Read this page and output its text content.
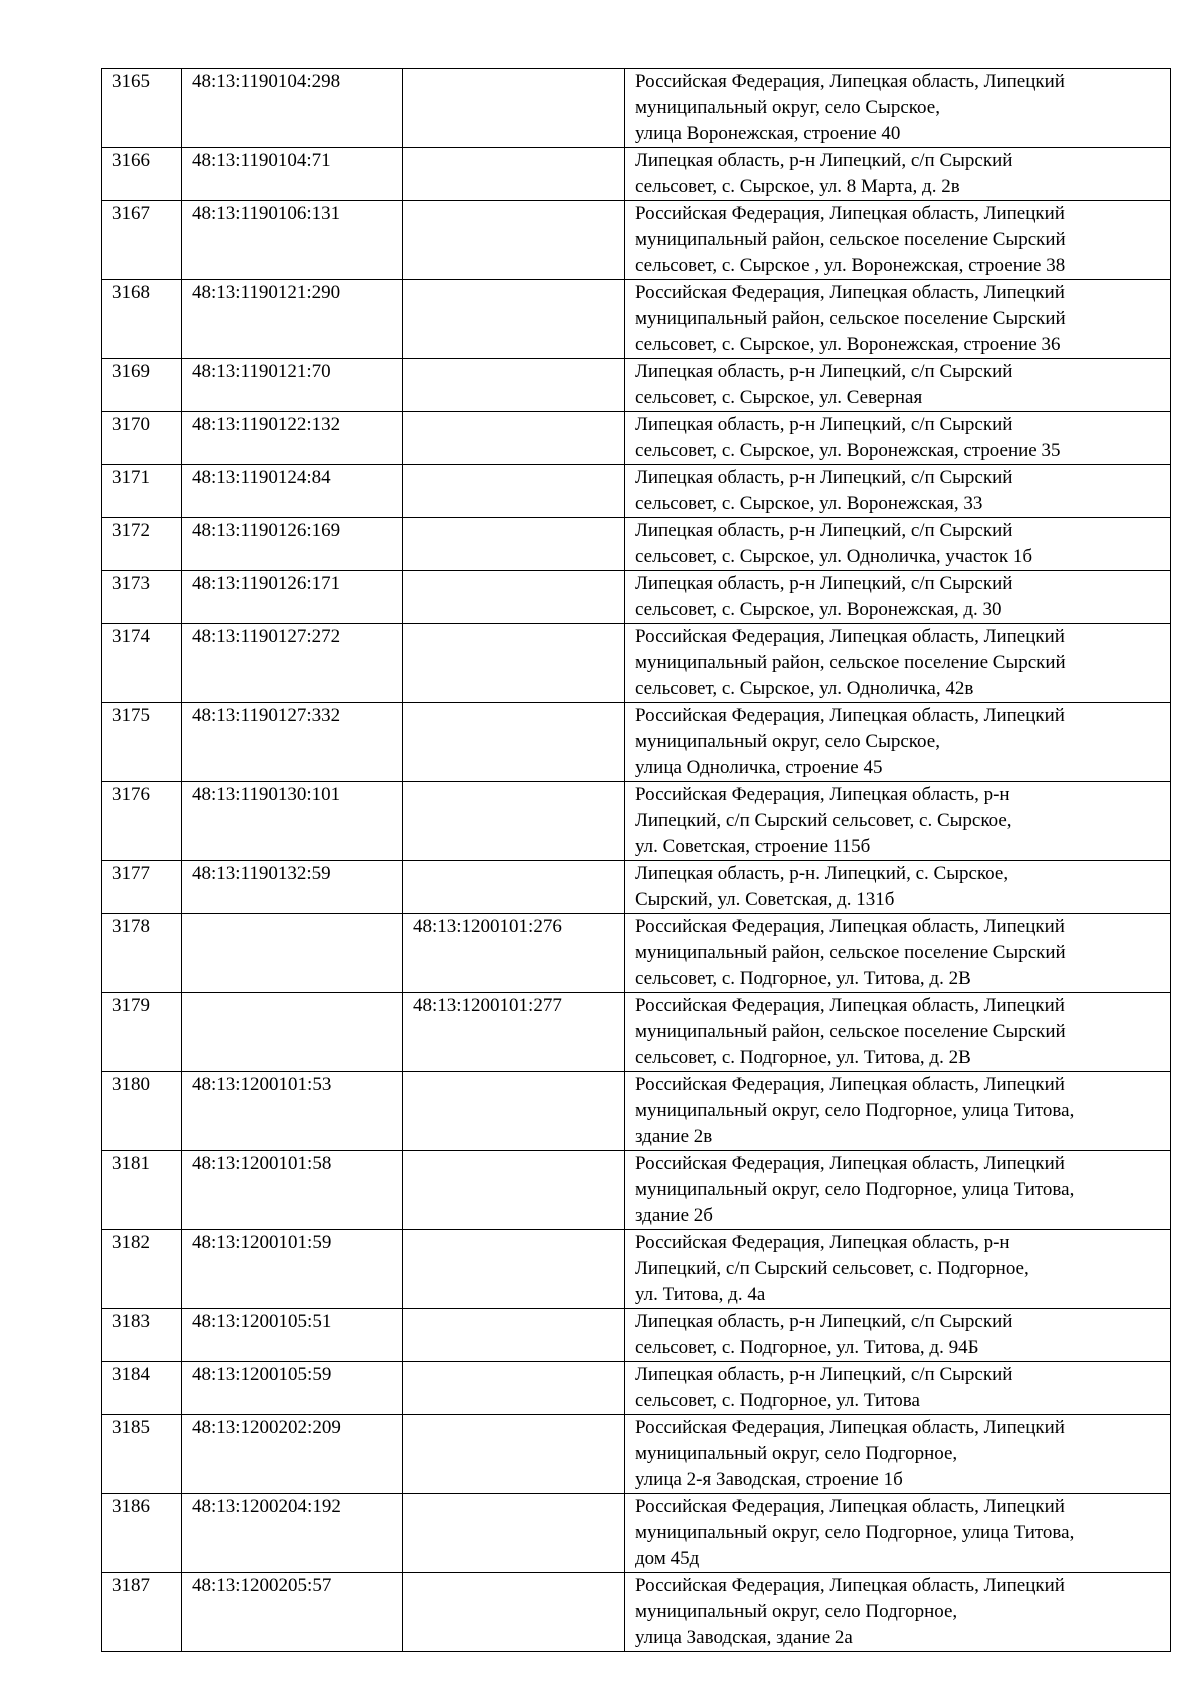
3165	48:13:1190104:298		Российская Федерация, Липецкая область, Липецкий
муниципальный округ, село Сырское,
улица Воронежская, строение 40
3166	48:13:1190104:71		Липецкая область, р-н Липецкий, с/п Сырский
сельсовет, с. Сырское, ул. 8 Марта, д. 2в
3167	48:13:1190106:131		Российская Федерация, Липецкая область, Липецкий
муниципальный район, сельское поселение Сырский
сельсовет, с. Сырское , ул. Воронежская, строение 38
3168	48:13:1190121:290		Российская Федерация, Липецкая область, Липецкий
муниципальный район, сельское поселение Сырский
сельсовет, с. Сырское, ул. Воронежская, строение 36
3169	48:13:1190121:70		Липецкая область, р-н Липецкий, с/п Сырский
сельсовет, с. Сырское, ул. Северная
3170	48:13:1190122:132		Липецкая область, р-н Липецкий, с/п Сырский
сельсовет, с. Сырское, ул. Воронежская, строение 35
3171	48:13:1190124:84		Липецкая область, р-н Липецкий, с/п Сырский
сельсовет, с. Сырское, ул. Воронежская, 33
3172	48:13:1190126:169		Липецкая область, р-н Липецкий, с/п Сырский
сельсовет, с. Сырское, ул. Одноличка, участок 1б
3173	48:13:1190126:171		Липецкая область, р-н Липецкий, с/п Сырский
сельсовет, с. Сырское, ул. Воронежская, д. 30
3174	48:13:1190127:272		Российская Федерация, Липецкая область, Липецкий
муниципальный район, сельское поселение Сырский
сельсовет, с. Сырское, ул. Одноличка, 42в
3175	48:13:1190127:332		Российская Федерация, Липецкая область, Липецкий
муниципальный округ, село Сырское,
улица Одноличка, строение 45
3176	48:13:1190130:101		Российская Федерация, Липецкая область, р-н
Липецкий, с/п Сырский сельсовет, с. Сырское,
ул. Советская, строение 115б
3177	48:13:1190132:59		Липецкая область, р-н. Липецкий, с. Сырское,
Сырский, ул. Советская, д. 131б
3178		48:13:1200101:276	Российская Федерация, Липецкая область, Липецкий
муниципальный район, сельское поселение Сырский
сельсовет, с. Подгорное, ул. Титова, д. 2В
3179		48:13:1200101:277	Российская Федерация, Липецкая область, Липецкий
муниципальный район, сельское поселение Сырский
сельсовет, с. Подгорное, ул. Титова, д. 2В
3180	48:13:1200101:53		Российская Федерация, Липецкая область, Липецкий
муниципальный округ, село Подгорное, улица Титова,
здание 2в
3181	48:13:1200101:58		Российская Федерация, Липецкая область, Липецкий
муниципальный округ, село Подгорное, улица Титова,
здание 2б
3182	48:13:1200101:59		Российская Федерация, Липецкая область, р-н
Липецкий, с/п Сырский сельсовет, с. Подгорное,
ул. Титова, д. 4а
3183	48:13:1200105:51		Липецкая область, р-н Липецкий, с/п Сырский
сельсовет, с. Подгорное, ул. Титова, д. 94Б
3184	48:13:1200105:59		Липецкая область, р-н Липецкий, с/п Сырский
сельсовет, с. Подгорное, ул. Титова
3185	48:13:1200202:209		Российская Федерация, Липецкая область, Липецкий
муниципальный округ, село Подгорное,
улица 2-я Заводская, строение 1б
3186	48:13:1200204:192		Российская Федерация, Липецкая область, Липецкий
муниципальный округ, село Подгорное, улица Титова,
дом 45д
3187	48:13:1200205:57		Российская Федерация, Липецкая область, Липецкий
муниципальный округ, село Подгорное,
улица Заводская, здание 2а
